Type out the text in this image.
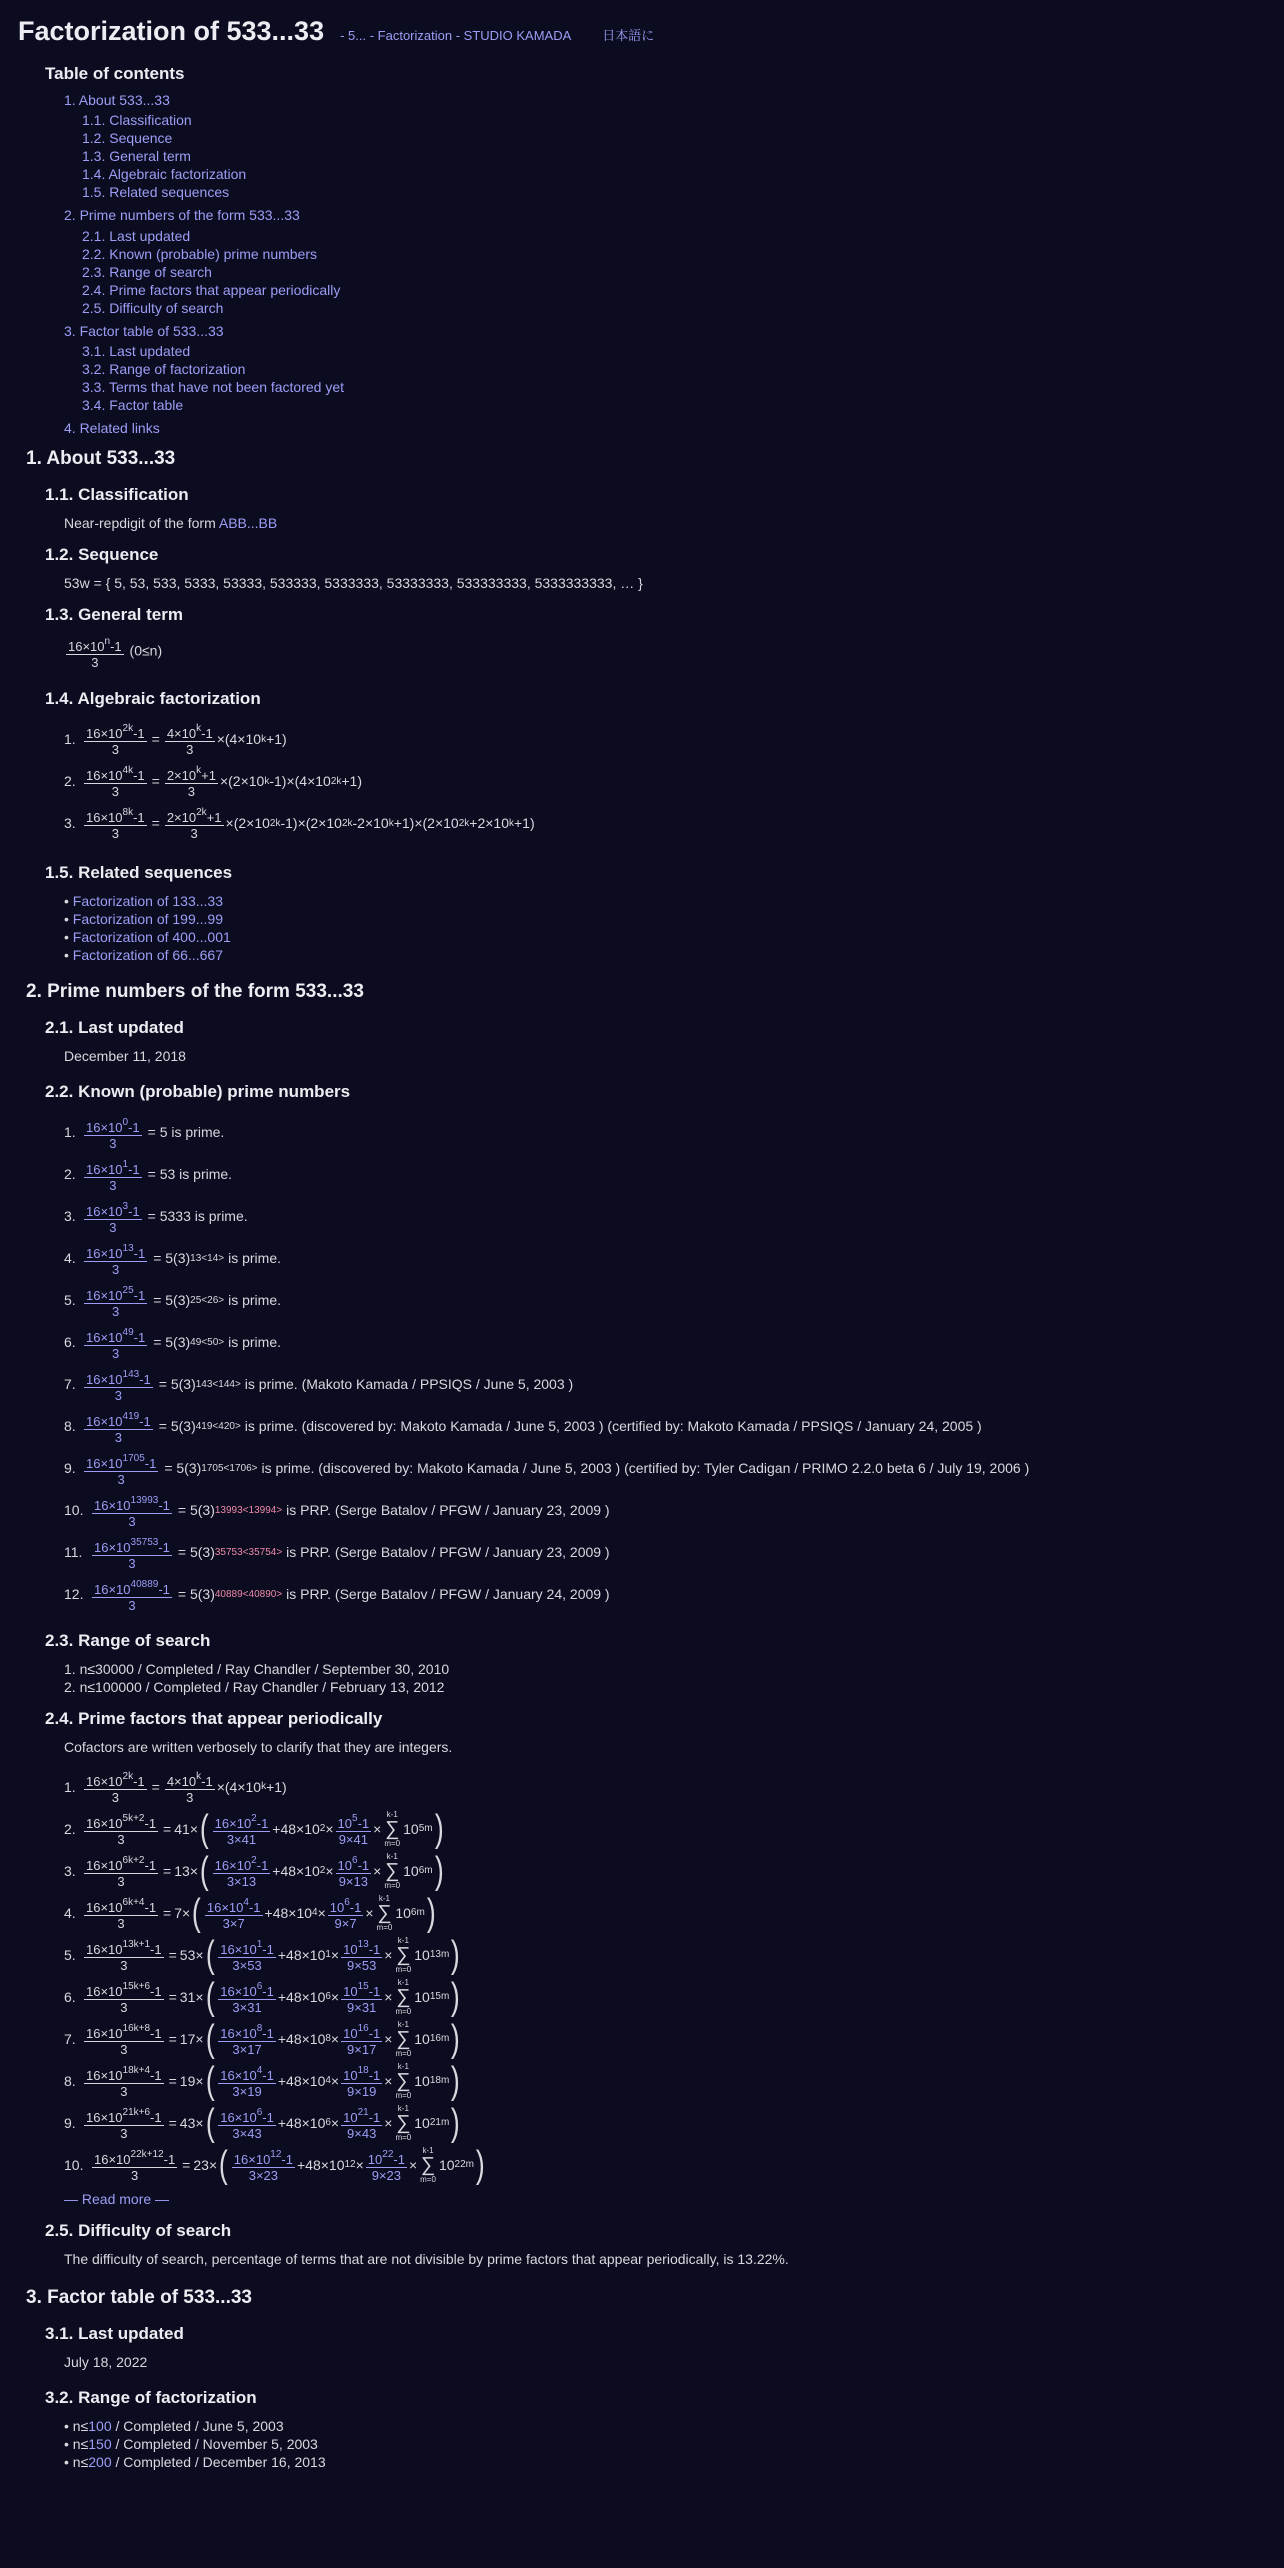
Factorization of 533...33 - 5... - Factorization - STUDIO KAMADA 日本語に
Table of contents
1. About 533...33
1.1. Classification
1.2. Sequence
1.3. General term
1.4. Algebraic factorization
1.5. Related sequences
2. Prime numbers of the form 533...33
2.1. Last updated
2.2. Known (probable) prime numbers
2.3. Range of search
2.4. Prime factors that appear periodically
2.5. Difficulty of search
3. Factor table of 533...33
3.1. Last updated
3.2. Range of factorization
3.3. Terms that have not been factored yet
3.4. Factor table
4. Related links
1. About 533...33
1.1. Classification
Near-repdigit of the form ABB...BB
1.2. Sequence
53w = { 5, 53, 533, 5333, 53333, 533333, 5333333, 53333333, 533333333, 5333333333, … }
1.3. General term
$\frac{16\times 10^n-1}{3} (0\le n)$
1.4. Algebraic factorization
1. $\frac{16\times 10^{2k}-1}{3} = \frac{4\times 10^k-1}{3} \times(4\times 10$ k +1)
2. $\frac{16\times 10^{4k}-1}{3} = \frac{2\times 10^k+1}{3} \times(2\times 10$ k -1)×(4×10 2k +1)
3. $\frac{16\times 10^{8k}-1}{3} = \frac{2\times 10^{2k}+1}{3} \times(2\times 10$ 2k -1)×(2×10 2k -2×10 k +1)×(2×10 2k +2×10 k +1)
1.5. Related sequences
• Factorization of 133...33
• Factorization of 199...99
• Factorization of 400...001
• Factorization of 66...667
2. Prime numbers of the form 533...33
2.1. Last updated
December 11, 2018
2.2. Known (probable) prime numbers
1. $\frac{16\times 10^0-1}{3} = 5$ is prime.
2. $\frac{16\times 10^1-1}{3} = 53$ is prime.
3. $\frac{16\times 10^3-1}{3} = 5333$ is prime.
4. $\frac{16\times 10^{13}-1}{3} = 5(3)$ 13<14> is prime.
5. $\frac{16\times 10^{25}-1}{3} = 5(3)$ 25<26> is prime.
6. $\frac{16\times 10^{49}-1}{3} = 5(3)$ 49<50> is prime.
7. $\frac{16\times 10^{143}-1}{3} = 5(3)$ 143<144> is prime. (Makoto Kamada / PPSIQS / June 5, 2003 )
8. $\frac{16\times 10^{419}-1}{3} = 5(3)$ 419<420> is prime. (discovered by: Makoto Kamada / June 5, 2003 ) (certified by: Makoto Kamada / PPSIQS / January 24, 2005 )
9. $\frac{16\times 10^{1705}-1}{3} = 5(3)$ 1705<1706> is prime. (discovered by: Makoto Kamada / June 5, 2003 ) (certified by: Tyler Cadigan / PRIMO 2.2.0 beta 6 / July 19, 2006 )
10. $\frac{16\times 10^{13993}-1}{3} = 5(3)$ 13993<13994> is PRP. (Serge Batalov / PFGW / January 23, 2009 )
11. $\frac{16\times 10^{35753}-1}{3} = 5(3)$ 35753<35754> is PRP. (Serge Batalov / PFGW / January 23, 2009 )
12. $\frac{16\times 10^{40889}-1}{3} = 5(3)$ 40889<40890> is PRP. (Serge Batalov / PFGW / January 24, 2009 )
2.3. Range of search
1. n≤30000 / Completed / Ray Chandler / September 30, 2010
2. n≤100000 / Completed / Ray Chandler / February 13, 2012
2.4. Prime factors that appear periodically
Cofactors are written verbosely to clarify that they are integers.
1. $\frac{16\times 10^{2k}-1}{3} = \frac{4\times 10^k-1}{3} \times(4\times 10$ k +1)
2. $\frac{16\times 10^{5k+2}-1}{3} = 41$ × ( $\frac{16\times 10^2-1}{3\times 41} +48\times 10$ $2 \times \frac{10^5-1}{9\times 41}$ ×
k-1
∑
m=0
10 5m )
3. $\frac{16\times 10^{6k+2}-1}{3} = 13$ × ( $\frac{16\times 10^2-1}{3\times 13} +48\times 10$ $2 \times \frac{10^6-1}{9\times 13}$ ×
k-1
∑
m=0
10 6m )
4. $\frac{16\times 10^{6k+4}-1}{3} = 7$ × ( $\frac{16\times 10^4-1}{3\times 7} +48\times 10$ $4 \times \frac{10^6-1}{9\times 7}$ ×
k-1
∑
m=0
10 6m )
5. $\frac{16\times 10^{13k+1}-1}{3} = 53$ × ( $\frac{16\times 10^1-1}{3\times 53} +48\times 10$ $1 \times \frac{10^{13}-1}{9\times 53}$ ×
k-1
∑
m=0
10 13m )
6. $\frac{16\times 10^{15k+6}-1}{3} = 31$ × ( $\frac{16\times 10^6-1}{3\times 31} +48\times 10$ $6 \times \frac{10^{15}-1}{9\times 31}$ ×
k-1
∑
m=0
10 15m )
7. $\frac{16\times 10^{16k+8}-1}{3} = 17$ × ( $\frac{16\times 10^8-1}{3\times 17} +48\times 10$ $8 \times \frac{10^{16}-1}{9\times 17}$ ×
k-1
∑
m=0
10 16m )
8. $\frac{16\times 10^{18k+4}-1}{3} = 19$ × ( $\frac{16\times 10^4-1}{3\times 19} +48\times 10$ $4 \times \frac{10^{18}-1}{9\times 19}$ ×
k-1
∑
m=0
10 18m )
9. $\frac{16\times 10^{21k+6}-1}{3} = 43$ × ( $\frac{16\times 10^6-1}{3\times 43} +48\times 10$ $6 \times \frac{10^{21}-1}{9\times 43}$ ×
k-1
∑
m=0
10 21m )
10. $\frac{16\times 10^{22k+12}-1}{3} = 23$ × ( $\frac{16\times 10^{12}-1}{3\times 23} +48\times 10$ $12 \times \frac{10^{22}-1}{9\times 23}$ ×
k-1
∑
m=0
10 22m )
— Read more —
2.5. Difficulty of search
The difficulty of search, percentage of terms that are not divisible by prime factors that appear periodically, is 13.22%.
3. Factor table of 533...33
3.1. Last updated
July 18, 2022
3.2. Range of factorization
• n≤100 / Completed / June 5, 2003
• n≤150 / Completed / November 5, 2003
• n≤200 / Completed / December 16, 2013
